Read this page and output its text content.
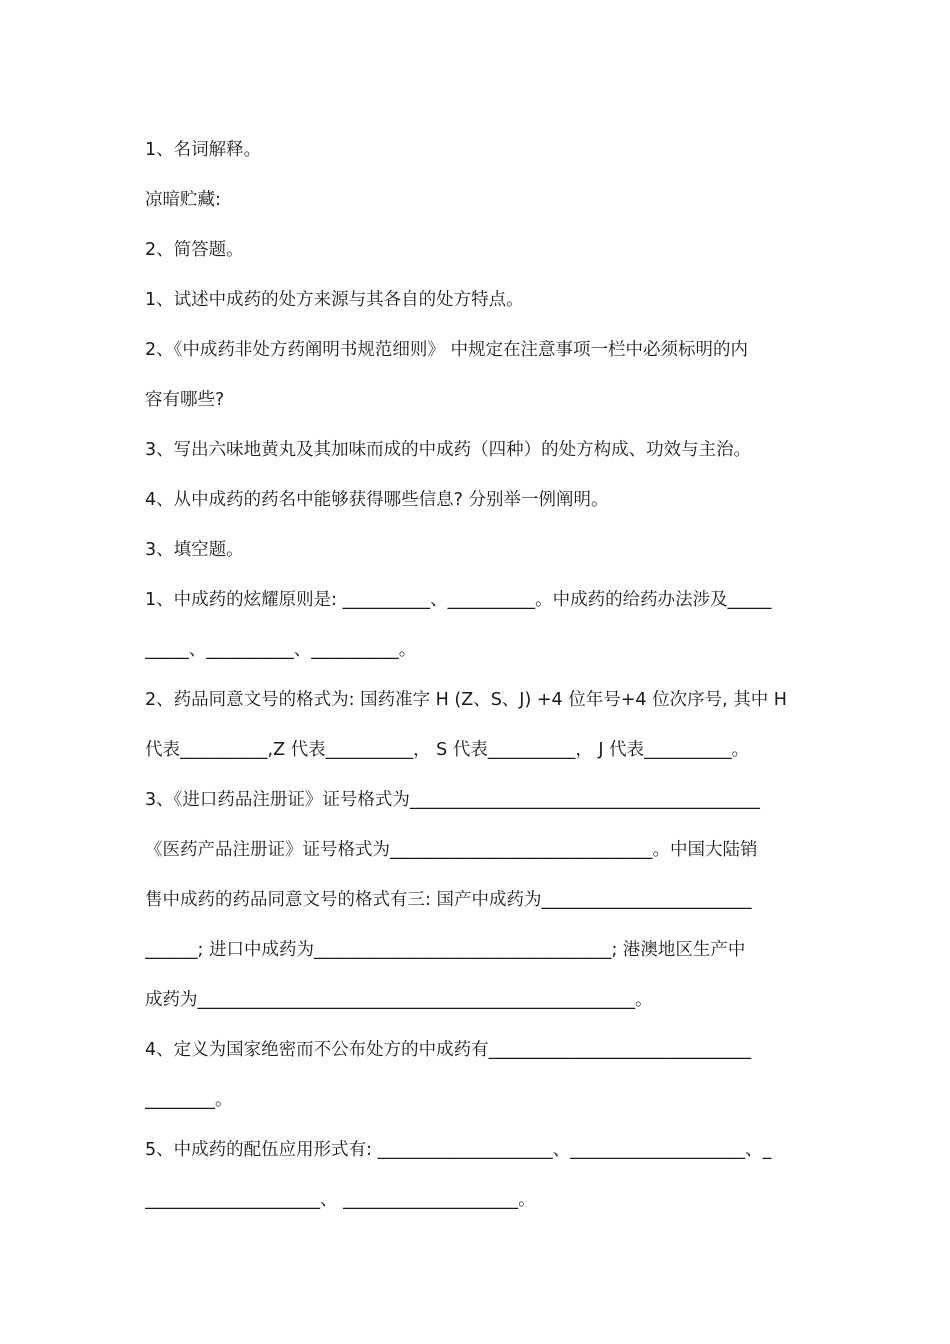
1、名词解释。
凉暗贮藏:
2、简答题。
1、试述中成药的处方来源与其各自的处方特点。
2、《中成药非处方药阐明书规范细则》 中规定在注意事项一栏中必须标明的内
容有哪些?
3、写出六味地黄丸及其加味而成的中成药（四种）的处方构成、功效与主治。
4、从中成药的药名中能够获得哪些信息? 分别举一例阐明。
3、填空题。
1、中成药的炫耀原则是: __________、__________。中成药的给药办法涉及_____
_____、__________、__________。
2、药品同意文号的格式为: 国药准字 H (Z、S、J) +4 位年号+4 位次序号, 其中 H
代表__________,Z 代表__________， S 代表__________， J 代表__________。
3、《进口药品注册证》证号格式为________________________________________
《医药产品注册证》证号格式为______________________________。中国大陆销
售中成药的药品同意文号的格式有三: 国产中成药为________________________
______; 进口中成药为__________________________________; 港澳地区生产中
成药为__________________________________________________。
4、定义为国家绝密而不公布处方的中成药有______________________________
________。
5、中成药的配伍应用形式有: ____________________、____________________、_
____________________、 ____________________。
